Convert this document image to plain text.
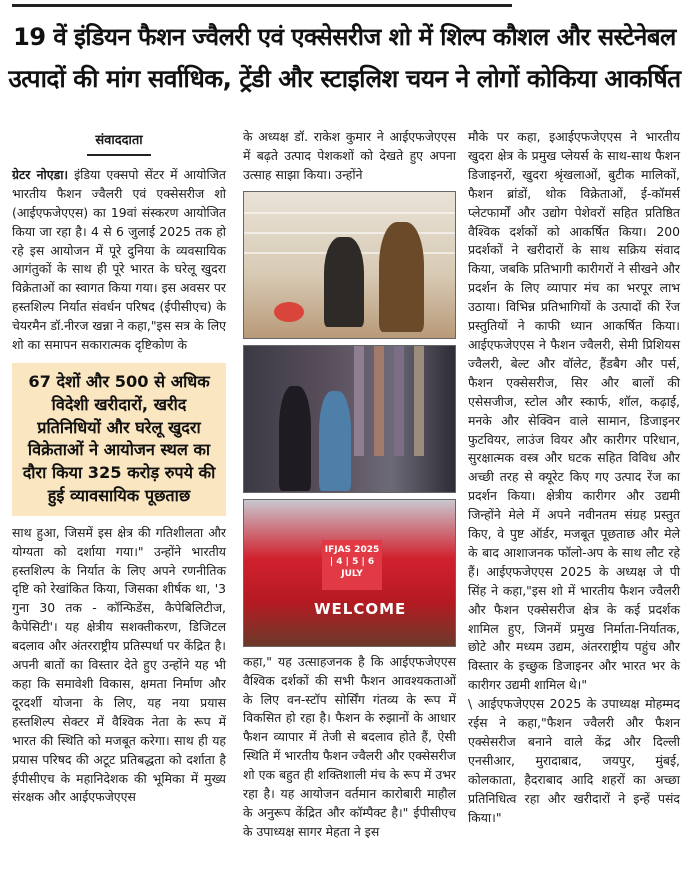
19 वें इंडियन फैशन ज्वैलरी एवं एक्सेसरीज शो में शिल्प कौशल और सस्टेनेबल
उत्पादों की मांग सर्वाधिक, ट्रेंडी और स्टाइलिश चयन ने लोगों कोकिया आकर्षित
संवाददाता

ग्रेटर नोएडा। इंडिया एक्सपो सेंटर में आयोजित भारतीय फैशन ज्वैलरी एवं एक्सेसरीज शो (आईएफजेएएस) का 19वां संस्करण आयोजित किया जा रहा है। 4 से 6 जुलाई 2025 तक हो रहे इस आयोजन में पूरे दुनिया के व्यवसायिक आगंतुकों के साथ ही पूरे भारत के घरेलू खुदरा विक्रेताओं का स्वागत किया गया। इस अवसर पर हस्तशिल्प निर्यात संवर्धन परिषद (ईपीसीएच) के चेयरमैन डॉ.नीरज खन्ना ने कहा,"इस सत्र के लिए शो का समापन सकारात्मक दृष्टिकोण के

67 देशों और 500 से अधिक विदेशी खरीदारों, खरीद प्रतिनिधियों और घरेलू खुदरा विक्रेताओं ने आयोजन स्थल का दौरा किया 325 करोड़ रुपये की हुई व्यावसायिक पूछताछ

साथ हुआ, जिसमें इस क्षेत्र की गतिशीलता और योग्यता को दर्शाया गया।" उन्होंने भारतीय हस्तशिल्प के निर्यात के लिए अपने रणनीतिक दृष्टि को रेखांकित किया, जिसका शीर्षक था, '3 गुना 30 तक - कॉन्फिडेंस, कैपेबिलिटीज, कैपेसिटी'। यह क्षेत्रीय सशक्तीकरण, डिजिटल बदलाव और अंतरराष्ट्रीय प्रतिस्पर्धा पर केंद्रित है। अपनी बातों का विस्तार देते हुए उन्होंने यह भी कहा कि समावेशी विकास, क्षमता निर्माण और दूरदर्शी योजना के लिए, यह नया प्रयास हस्तशिल्प सेक्टर में वैश्विक नेता के रूप में भारत की स्थिति को मजबूत करेगा। साथ ही यह प्रयास परिषद की अटूट प्रतिबद्धता को दर्शाता है ईपीसीएच के महानिदेशक की भूमिका में मुख्य संरक्षक और आईएफजेएएस

के अध्यक्ष डॉ. राकेश कुमार ने आईएफजेएएस में बढ़ते उत्पाद पेशकशों को देखते हुए अपना उत्साह साझा किया। उन्होंने

IFJAS 2025 | 4 | 5 | 6 JULY
WELCOME

कहा," यह उत्साहजनक है कि आईएफजेएएस वैश्विक दर्शकों की सभी फैशन आवश्यकताओं के लिए वन-स्टॉप सोर्सिंग गंतव्य के रूप में विकसित हो रहा है। फैशन के रुझानों के आधार फैशन व्यापार में तेजी से बदलाव होते हैं, ऐसी स्थिति में भारतीय फैशन ज्वैलरी और एक्सेसरीज शो एक बहुत ही शक्तिशाली मंच के रूप में उभर रहा है। यह आयोजन वर्तमान कारोबारी माहौल के अनुरूप केंद्रित और कॉम्पैक्ट है।" ईपीसीएच के उपाध्यक्ष सागर मेहता ने इस

मौके पर कहा, इआईएफजेएएस ने भारतीय खुदरा क्षेत्र के प्रमुख प्लेयर्स के साथ-साथ फैशन डिजाइनरों, खुदरा श्रृंखलाओं, बुटीक मालिकों, फैशन ब्रांडों, थोक विक्रेताओं, ई-कॉमर्स प्लेटफार्मों और उद्योग पेशेवरों सहित प्रतिष्ठित वैश्विक दर्शकों को आकर्षित किया। 200 प्रदर्शकों ने खरीदारों के साथ सक्रिय संवाद किया, जबकि प्रतिभागी कारीगरों ने सीखने और प्रदर्शन के लिए व्यापार मंच का भरपूर लाभ उठाया। विभिन्न प्रतिभागियों के उत्पादों की रेंज प्रस्तुतियों ने काफी ध्यान आकर्षित किया। आईएफजेएएस ने फैशन ज्वैलरी, सेमी प्रिशियस ज्वैलरी, बेल्ट और वॉलेट, हैंडबैग और पर्स, फैशन एक्सेसरीज, सिर और बालों की एसेसजीज, स्टोल और स्कार्फ, शॉल, कढ़ाई, मनके और सेक्विन वाले सामान, डिजाइनर फुटवियर, लाउंज वियर और कारीगर परिधान, सुरक्षात्मक वस्त्र और घटक सहित विविध और अच्छी तरह से क्यूरेट किए गए उत्पाद रेंज का प्रदर्शन किया। क्षेत्रीय कारीगर और उद्यमी जिन्होंने मेले में अपने नवीनतम संग्रह प्रस्तुत किए, वे पुष्ट ऑर्डर, मजबूत पूछताछ और मेले के बाद आशाजनक फॉलो-अप के साथ लौट रहे हैं। आईएफजेएएस 2025 के अध्यक्ष जे पी सिंह ने कहा,"इस शो में भारतीय फैशन ज्वैलरी और फैशन एक्सेसरीज क्षेत्र के कई प्रदर्शक शामिल हुए, जिनमें प्रमुख निर्माता-निर्यातक, छोटे और मध्यम उद्यम, अंतरराष्ट्रीय पहुंच और विस्तार के इच्छुक डिजाइनर और भारत भर के कारीगर उद्यमी शामिल थे।"

\ आईएफजेएएस 2025 के उपाध्यक्ष मोहम्मद रईस ने कहा,"फैशन ज्वैलरी और फैशन एक्सेसरीज बनाने वाले केंद्र और दिल्ली एनसीआर, मुरादाबाद, जयपुर, मुंबई, कोलकाता, हैदराबाद आदि शहरों का अच्छा प्रतिनिधित्व रहा और खरीदारों ने इन्हें पसंद किया।"
